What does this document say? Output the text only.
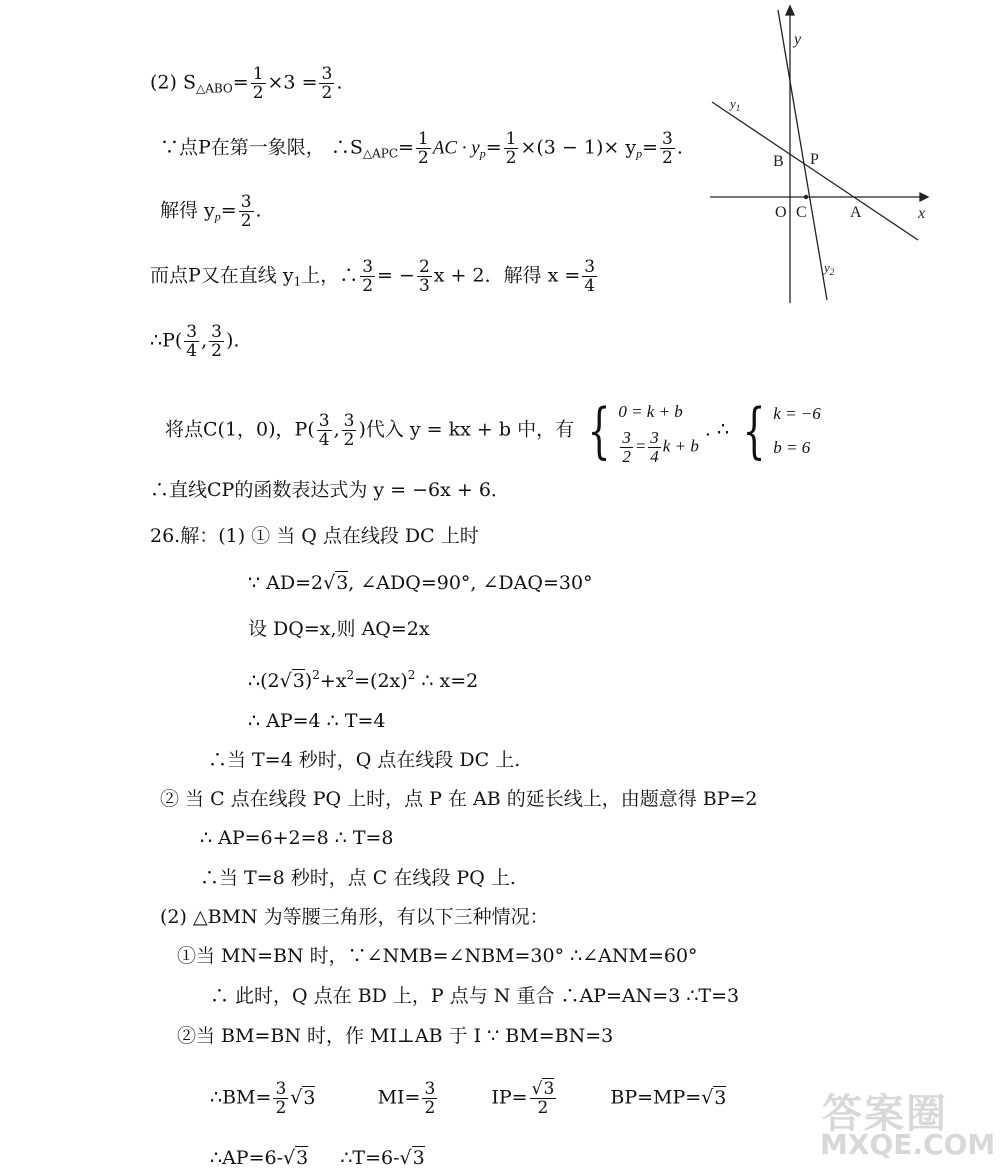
(2) $S_{\triangle ABO}= \frac{1}{2} \times 3 = \frac{3}{2}$ .
∵点P在第一象限， $\therefore S_{\triangle APC}= \frac{1}{2}$ AC · $y_p= \frac{1}{2} \times(3 - 1)\times y_p= \frac{3}{2}$ .
解得 $y_p= \frac{3}{2}$ .
而点P又在直线 $y_1$上，∴ $\frac{3}{2}$ = − $\frac{2}{3}$ x + 2．解得 $x = \frac{3}{4}$
∴P( $\frac{3}{4}$ , $\frac{3}{2}$ ).
将点C(1，0)，$P( \frac{3}{4}$ , $\frac{3}{2}$ )代入 y = kx + b 中，有 { 0 = k + b
$\frac{3}{2} = \frac{3}{4}$ k + b
. ∴ { k = −6
b = 6
∴直线CP的函数表达式为 y = −6x + 6．
26.解：(1) ① 当 Q 点在线段 DC 上时
∵ AD=2√3, ∠ADQ=90°, ∠DAQ=30°
设 DQ=x,则 AQ=2x
$\therefore(2√3)^2+x^2=(2x)^2$ ∴ x=2
∴ AP=4 ∴ T=4
∴当 T=4 秒时，Q 点在线段 DC 上.
② 当 C 点在线段 PQ 上时，点 P 在 AB 的延长线上，由题意得 BP=2
∴ AP=6+2=8 ∴ T=8
∴当 T=8 秒时，点 C 在线段 PQ 上.
(2) △BMN 为等腰三角形，有以下三种情况：
①当 MN=BN 时，∵∠NMB=∠NBM=30° ∴∠ANM=60°
∴ 此时，Q 点在 BD 上，P 点与 N 重合 ∴AP=AN=3 ∴T=3
②当 BM=BN 时，作 MI⊥AB 于 I ∵ BM=BN=3
∴BM= $\frac{3}{2} √3$	$MI= \frac{3}{2}$	$IP= \frac{√3}{2}$	BP=MP=√3
∴AP=6-√3 ∴T=6-√3
y
x
$y_1$
$y_2$
B P
O C	A
答案圈
MXQE.COM
